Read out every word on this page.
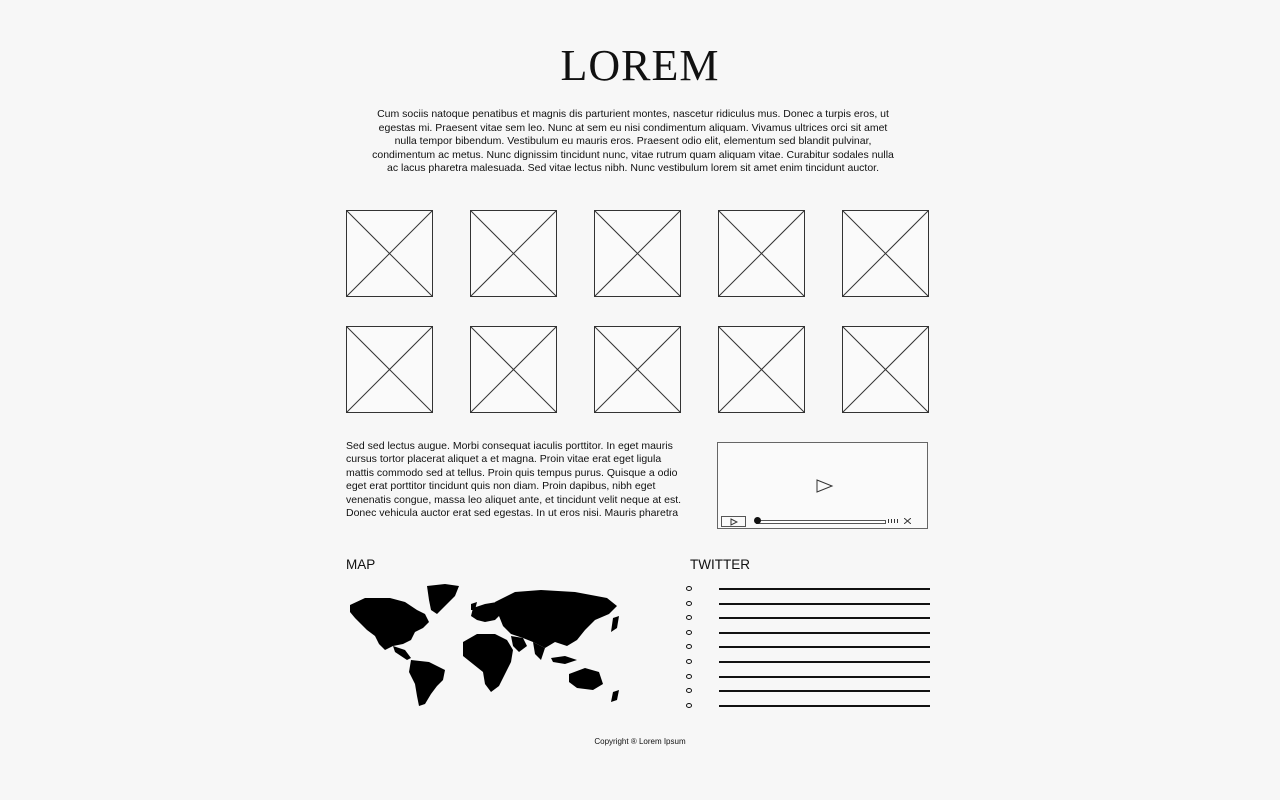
LOREM
Cum sociis natoque penatibus et magnis dis parturient montes, nascetur ridiculus mus. Donec a turpis eros, ut egestas mi. Praesent vitae sem leo. Nunc at sem eu nisi condimentum aliquam. Vivamus ultrices orci sit amet nulla tempor bibendum. Vestibulum eu mauris eros. Praesent odio elit, elementum sed blandit pulvinar, condimentum ac metus. Nunc dignissim tincidunt nunc, vitae rutrum quam aliquam vitae. Curabitur sodales nulla ac lacus pharetra malesuada. Sed vitae lectus nibh. Nunc vestibulum lorem sit amet enim tincidunt auctor.
Sed sed lectus augue. Morbi consequat iaculis porttitor. In eget mauris cursus tortor placerat aliquet a et magna. Proin vitae erat eget ligula mattis commodo sed at tellus. Proin quis tempus purus. Quisque a odio eget erat porttitor tincidunt quis non diam. Proin dapibus, nibh eget venenatis congue, massa leo aliquet ante, et tincidunt velit neque at est. Donec vehicula auctor erat sed egestas. In ut eros nisi. Mauris pharetra
MAP	TWITTER
Copyright ® Lorem Ipsum
